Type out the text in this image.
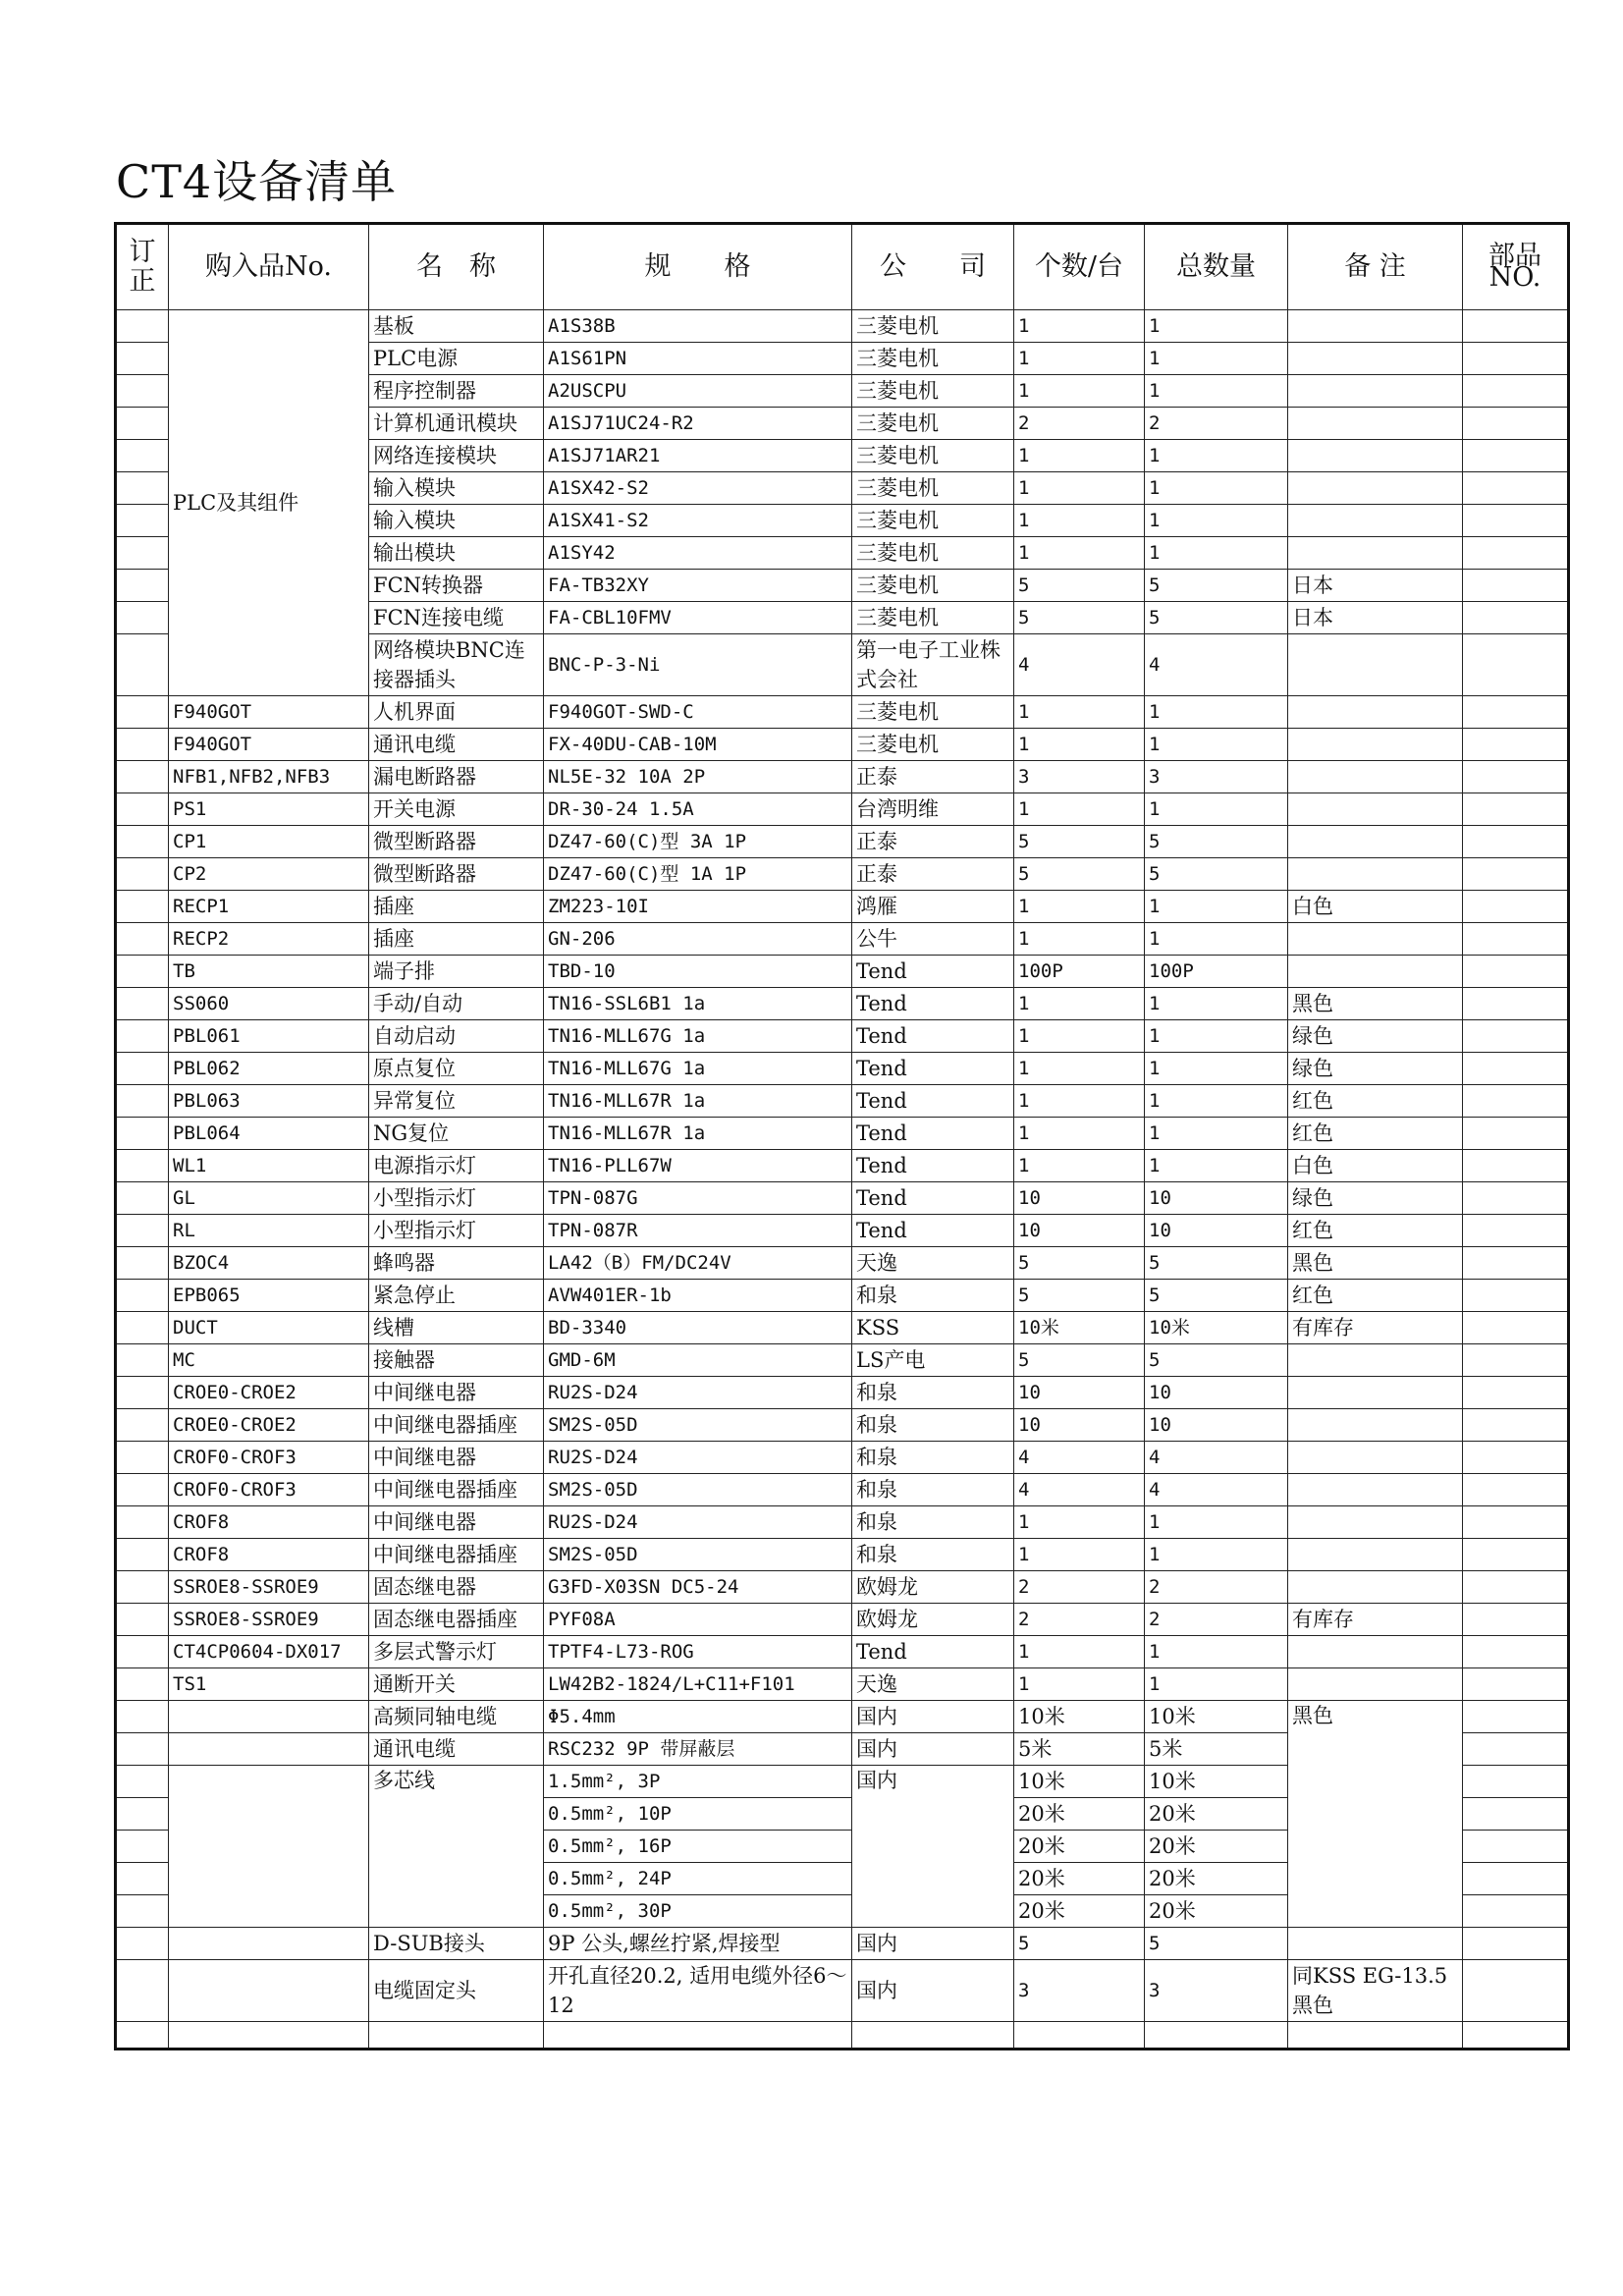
CT4设备清单
订正	购入品No.	名　称	规　　格	公　　司	个数/台	总数量	备 注	部品NO.
	PLC及其组件	基板	A1S38B	三菱电机	1	1		
		PLC电源	A1S61PN	三菱电机	1	1		
		程序控制器	A2USCPU	三菱电机	1	1		
		计算机通讯模块	A1SJ71UC24-R2	三菱电机	2	2		
		网络连接模块	A1SJ71AR21	三菱电机	1	1		
		输入模块	A1SX42-S2	三菱电机	1	1		
		输入模块	A1SX41-S2	三菱电机	1	1		
		输出模块	A1SY42	三菱电机	1	1		
		FCN转换器	FA-TB32XY	三菱电机	5	5	日本	
		FCN连接电缆	FA-CBL10FMV	三菱电机	5	5	日本	
		网络模块BNC连接器插头	BNC-P-3-Ni	第一电子工业株式会社	4	4		
	F940GOT	人机界面	F940GOT-SWD-C	三菱电机	1	1		
	F940GOT	通讯电缆	FX-40DU-CAB-10M	三菱电机	1	1		
	NFB1,NFB2,NFB3	漏电断路器	NL5E-32 10A 2P	正泰	3	3		
	PS1	开关电源	DR-30-24 1.5A	台湾明维	1	1		
	CP1	微型断路器	DZ47-60(C)型 3A 1P	正泰	5	5		
	CP2	微型断路器	DZ47-60(C)型 1A 1P	正泰	5	5		
	RECP1	插座	ZM223-10I	鸿雁	1	1	白色	
	RECP2	插座	GN-206	公牛	1	1		
	TB	端子排	TBD-10	Tend	100P	100P		
	SS060	手动/自动	TN16-SSL6B1 1a	Tend	1	1	黑色	
	PBL061	自动启动	TN16-MLL67G 1a	Tend	1	1	绿色	
	PBL062	原点复位	TN16-MLL67G 1a	Tend	1	1	绿色	
	PBL063	异常复位	TN16-MLL67R 1a	Tend	1	1	红色	
	PBL064	NG复位	TN16-MLL67R 1a	Tend	1	1	红色	
	WL1	电源指示灯	TN16-PLL67W	Tend	1	1	白色	
	GL	小型指示灯	TPN-087G	Tend	10	10	绿色	
	RL	小型指示灯	TPN-087R	Tend	10	10	红色	
	BZOC4	蜂鸣器	LA42（B）FM/DC24V	天逸	5	5	黑色	
	EPB065	紧急停止	AVW401ER-1b	和泉	5	5	红色	
	DUCT	线槽	BD-3340	KSS	10米	10米	有库存	
	MC	接触器	GMD-6M	LS产电	5	5		
	CROE0-CROE2	中间继电器	RU2S-D24	和泉	10	10		
	CROE0-CROE2	中间继电器插座	SM2S-05D	和泉	10	10		
	CROF0-CROF3	中间继电器	RU2S-D24	和泉	4	4		
	CROF0-CROF3	中间继电器插座	SM2S-05D	和泉	4	4		
	CROF8	中间继电器	RU2S-D24	和泉	1	1		
	CROF8	中间继电器插座	SM2S-05D	和泉	1	1		
	SSROE8-SSROE9	固态继电器	G3FD-X03SN DC5-24	欧姆龙	2	2		
	SSROE8-SSROE9	固态继电器插座	PYF08A	欧姆龙	2	2	有库存	
	CT4CP0604-DX017	多层式警示灯	TPTF4-L73-ROG	Tend	1	1		
	TS1	通断开关	LW42B2-1824/L+C11+F101	天逸	1	1		
		高频同轴电缆	Φ5.4mm	国内	10米	10米	黑色	
		通讯电缆	RSC232 9P 带屏蔽层	国内	5米	5米		
		多芯线	1.5mm², 3P	国内	10米	10米		
			0.5mm², 10P		20米	20米		
			0.5mm², 16P		20米	20米		
			0.5mm², 24P		20米	20米		
			0.5mm², 30P		20米	20米		
		D-SUB接头	9P 公头,螺丝拧紧,焊接型	国内	5	5		
		电缆固定头	开孔直径20.2, 适用电缆外径6～12	国内	3	3	同KSS EG-13.5 黑色	
